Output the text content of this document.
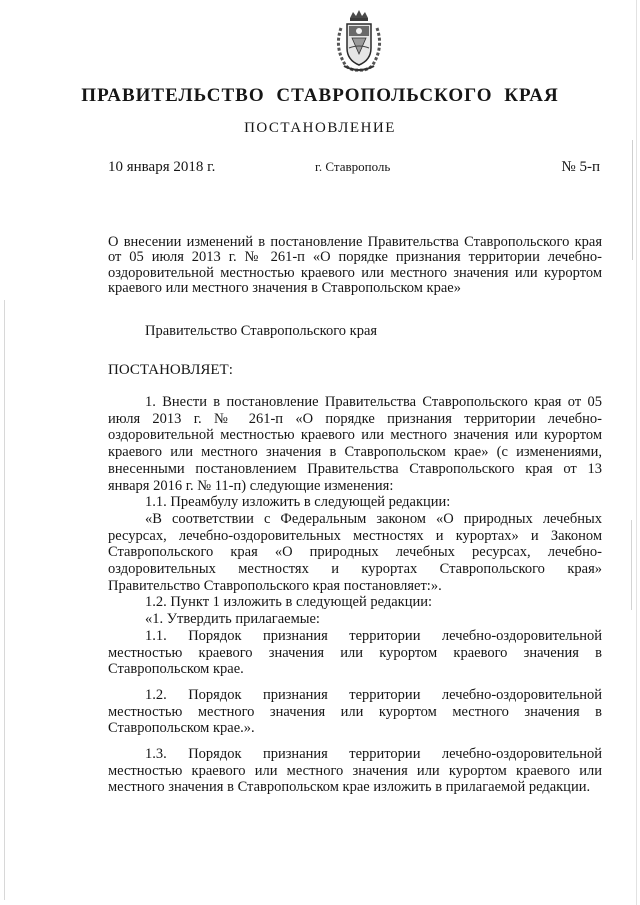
ПРАВИТЕЛЬСТВО СТАВРОПОЛЬСКОГО КРАЯ
ПОСТАНОВЛЕНИЕ
10 января 2018 г.	г. Ставрополь	№ 5-п
О внесении изменений в постановление Правительства Ставропольского края от 05 июля 2013 г. № 261-п «О порядке признания территории лечебно-оздоровительной местностью краевого или местного значения или курортом краевого или местного значения в Ставропольском крае»
Правительство Ставропольского края
ПОСТАНОВЛЯЕТ:

1. Внести в постановление Правительства Ставропольского края от 05 июля 2013 г. № 261-п «О порядке признания территории лечебно-оздоровительной местностью краевого или местного значения или курортом краевого или местного значения в Ставропольском крае» (с изменениями, внесенными постановлением Правительства Ставропольского края от 13 января 2016 г. № 11-п) следующие изменения:

1.1. Преамбулу изложить в следующей редакции:

«В соответствии с Федеральным законом «О природных лечебных ресурсах, лечебно-оздоровительных местностях и курортах» и Законом Ставропольского края «О природных лечебных ресурсах, лечебно-оздоровительных местностях и курортах Ставропольского края» Правительство Ставропольского края постановляет:».

1.2. Пункт 1 изложить в следующей редакции:

«1. Утвердить прилагаемые:

1.1. Порядок признания территории лечебно-оздоровительной местностью краевого значения или курортом краевого значения в Ставропольском крае.

1.2. Порядок признания территории лечебно-оздоровительной местностью местного значения или курортом местного значения в Ставропольском крае.».

1.3. Порядок признания территории лечебно-оздоровительной местностью краевого или местного значения или курортом краевого или местного значения в Ставропольском крае изложить в прилагаемой редакции.
